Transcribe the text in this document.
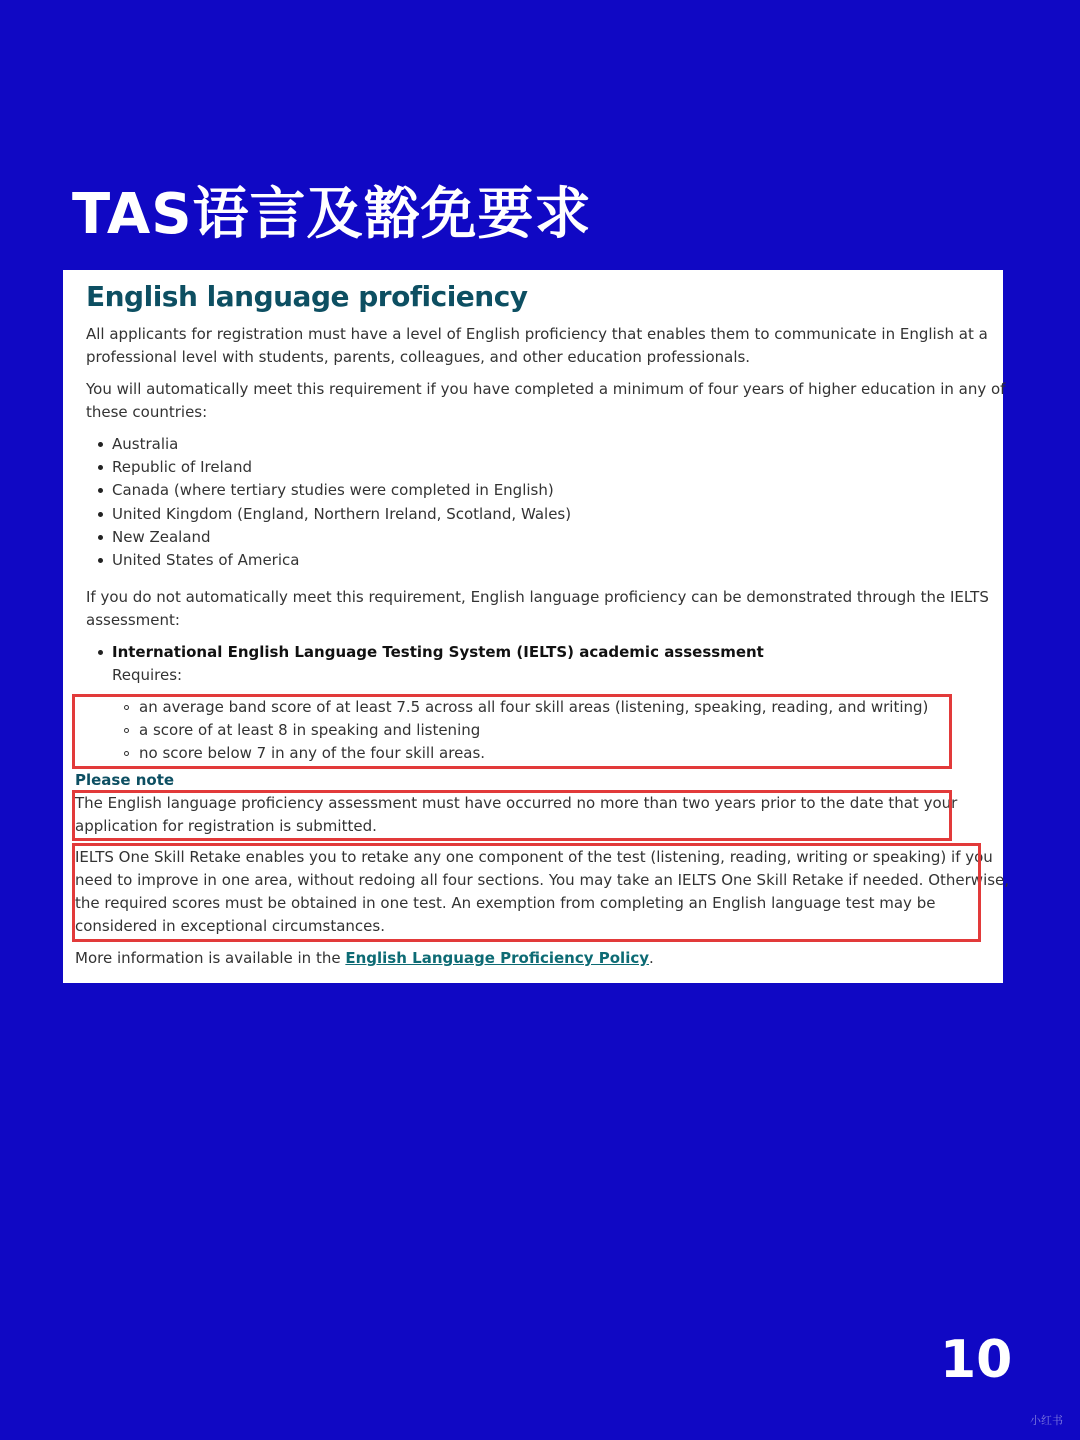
TAS语言及豁免要求
English language proficiency
All applicants for registration must have a level of English proficiency that enables them to communicate in English at a
professional level with students, parents, colleagues, and other education professionals.
You will automatically meet this requirement if you have completed a minimum of four years of higher education in any of
these countries:
Australia
Republic of Ireland
Canada (where tertiary studies were completed in English)
United Kingdom (England, Northern Ireland, Scotland, Wales)
New Zealand
United States of America
If you do not automatically meet this requirement, English language proficiency can be demonstrated through the IELTS
assessment:
International English Language Testing System (IELTS) academic assessment
Requires:
an average band score of at least 7.5 across all four skill areas (listening, speaking, reading, and writing)
a score of at least 8 in speaking and listening
no score below 7 in any of the four skill areas.
Please note
The English language proficiency assessment must have occurred no more than two years prior to the date that your
application for registration is submitted.
IELTS One Skill Retake enables you to retake any one component of the test (listening, reading, writing or speaking) if you
need to improve in one area, without redoing all four sections. You may take an IELTS One Skill Retake if needed. Otherwise,
the required scores must be obtained in one test. An exemption from completing an English language test may be
considered in exceptional circumstances.
More information is available in the English Language Proficiency Policy.
10
小红书
